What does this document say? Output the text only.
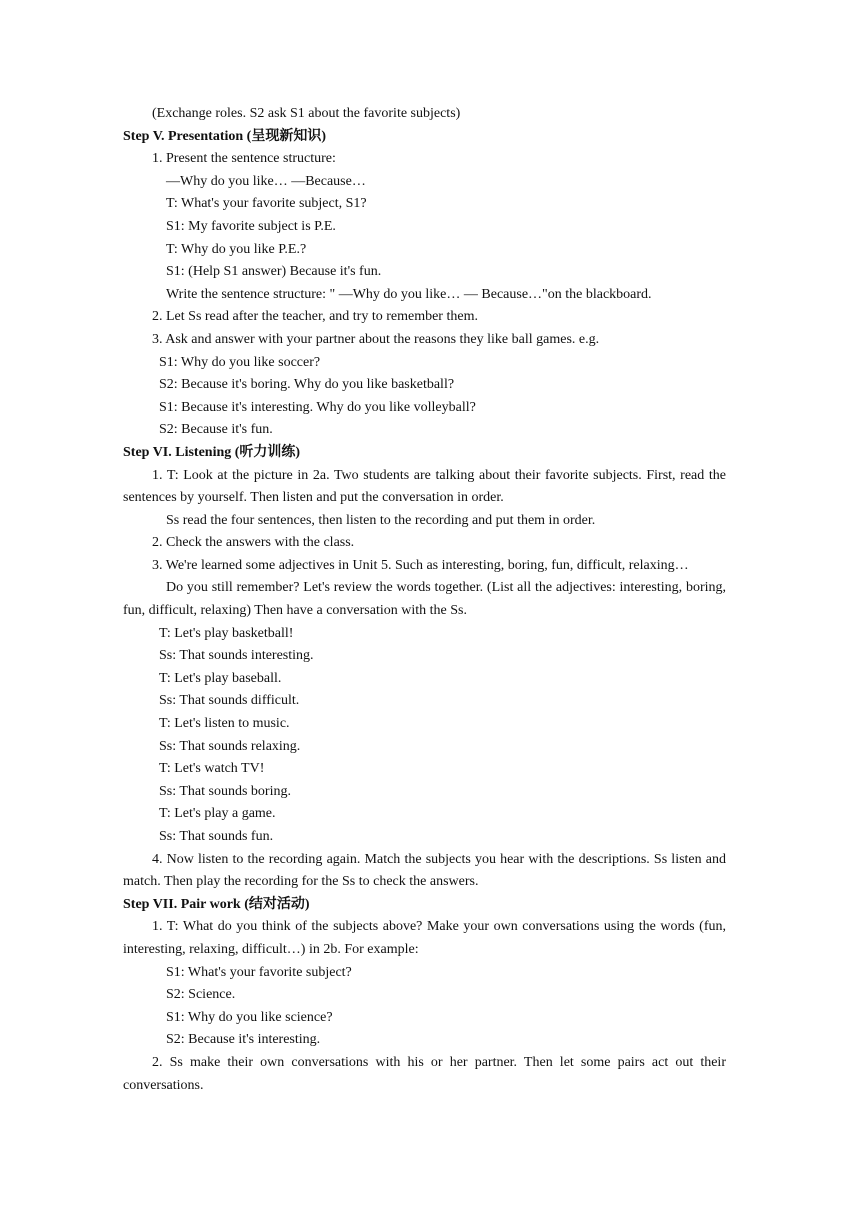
(Exchange roles. S2 ask S1 about the favorite subjects)
Step V. Presentation (呈现新知识)
1. Present the sentence structure:
—Why do you like… —Because…
T: What's your favorite subject, S1?
S1: My favorite subject is P.E.
T: Why do you like P.E.?
S1: (Help S1 answer) Because it's fun.
Write the sentence structure: " —Why do you like… — Because…"on the blackboard.
2. Let Ss read after the teacher, and try to remember them.
3. Ask and answer with your partner about the reasons they like ball games. e.g.
S1: Why do you like soccer?
S2: Because it's boring. Why do you like basketball?
S1: Because it's interesting. Why do you like volleyball?
S2: Because it's fun.
Step VI. Listening (听力训练)
1. T: Look at the picture in 2a. Two students are talking about their favorite subjects. First, read the sentences by yourself. Then listen and put the conversation in order.
Ss read the four sentences, then listen to the recording and put them in order.
2. Check the answers with the class.
3. We're learned some adjectives in Unit 5. Such as interesting, boring, fun, difficult, relaxing…
Do you still remember? Let's review the words together. (List all the adjectives: interesting, boring, fun, difficult, relaxing) Then have a conversation with the Ss.
T: Let's play basketball!
Ss: That sounds interesting.
T: Let's play baseball.
Ss: That sounds difficult.
T: Let's listen to music.
Ss: That sounds relaxing.
T: Let's watch TV!
Ss: That sounds boring.
T: Let's play a game.
Ss: That sounds fun.
4. Now listen to the recording again. Match the subjects you hear with the descriptions. Ss listen and match. Then play the recording for the Ss to check the answers.
Step VII. Pair work (结对活动)
1. T: What do you think of the subjects above? Make your own conversations using the words (fun, interesting, relaxing, difficult…) in 2b. For example:
S1: What's your favorite subject?
S2: Science.
S1: Why do you like science?
S2: Because it's interesting.
2. Ss make their own conversations with his or her partner. Then let some pairs act out their conversations.
